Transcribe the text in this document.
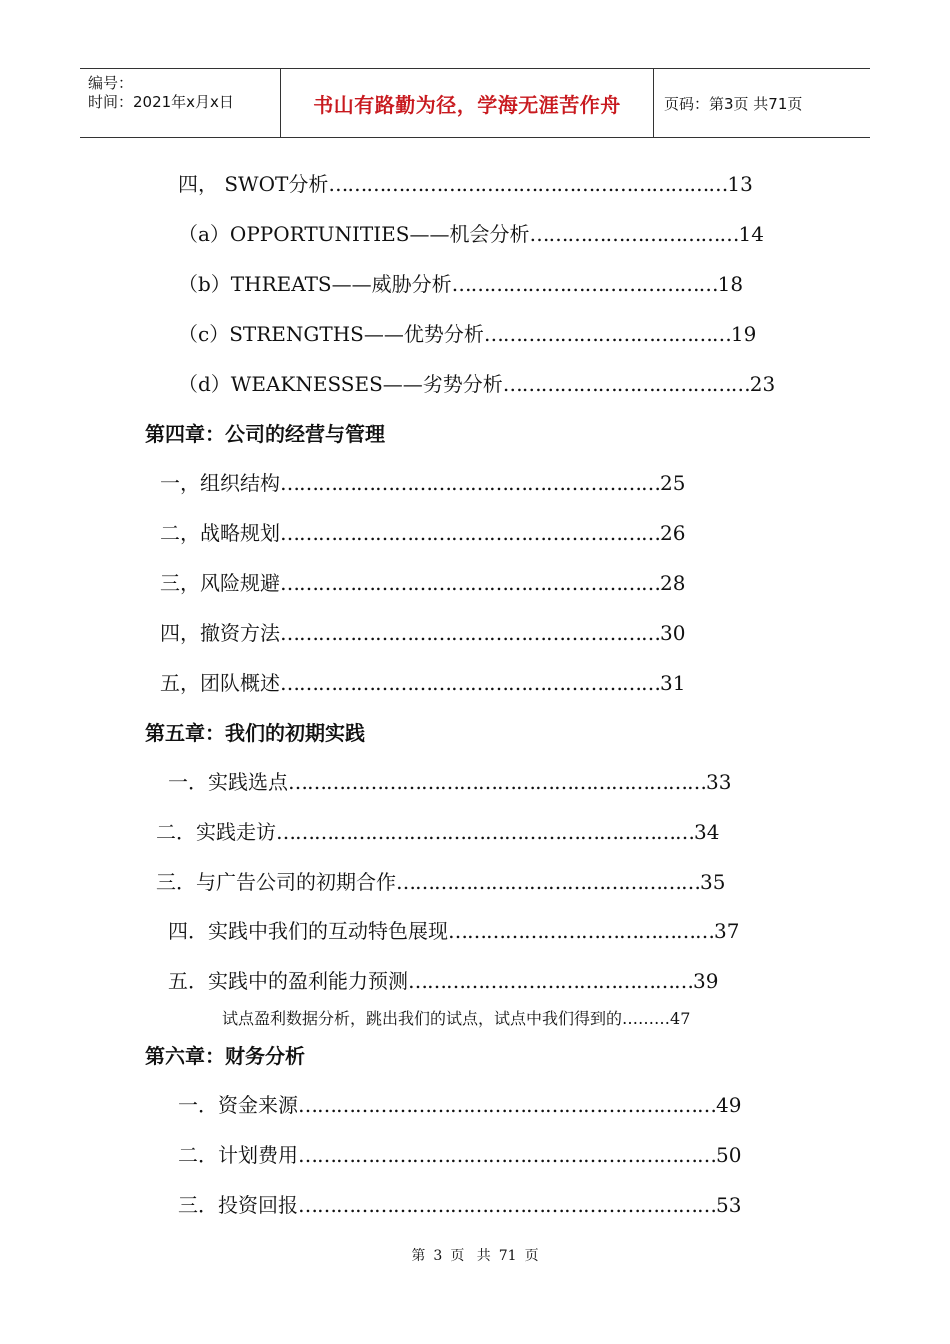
编号：
时间：2021年x月x日	书山有路勤为径，学海无涯苦作舟	页码：第3页 共71页
四， SWOT分析………………………………………………………13
（a）OPPORTUNITIES——机会分析……………………………14
（b）THREATS——威胁分析……………………………………18
（c）STRENGTHS——优势分析…………………………………19
（d）WEAKNESSES——劣势分析…………………………………23
第四章：公司的经营与管理
一，组织结构……………………………………………………25
二，战略规划……………………………………………………26
三，风险规避……………………………………………………28
四，撤资方法……………………………………………………30
五，团队概述……………………………………………………31
第五章：我们的初期实践
一．实践选点…………………………………………………………33
二．实践走访…………………………………………………………34
三．与广告公司的初期合作…………………………………………35
四．实践中我们的互动特色展现……………………………………37
五．实践中的盈利能力预测………………………………………39
试点盈利数据分析，跳出我们的试点，试点中我们得到的………47
第六章：财务分析
一．资金来源…………………………………………………………49
二．计划费用…………………………………………………………50
三．投资回报…………………………………………………………53
第 3 页 共 71 页
